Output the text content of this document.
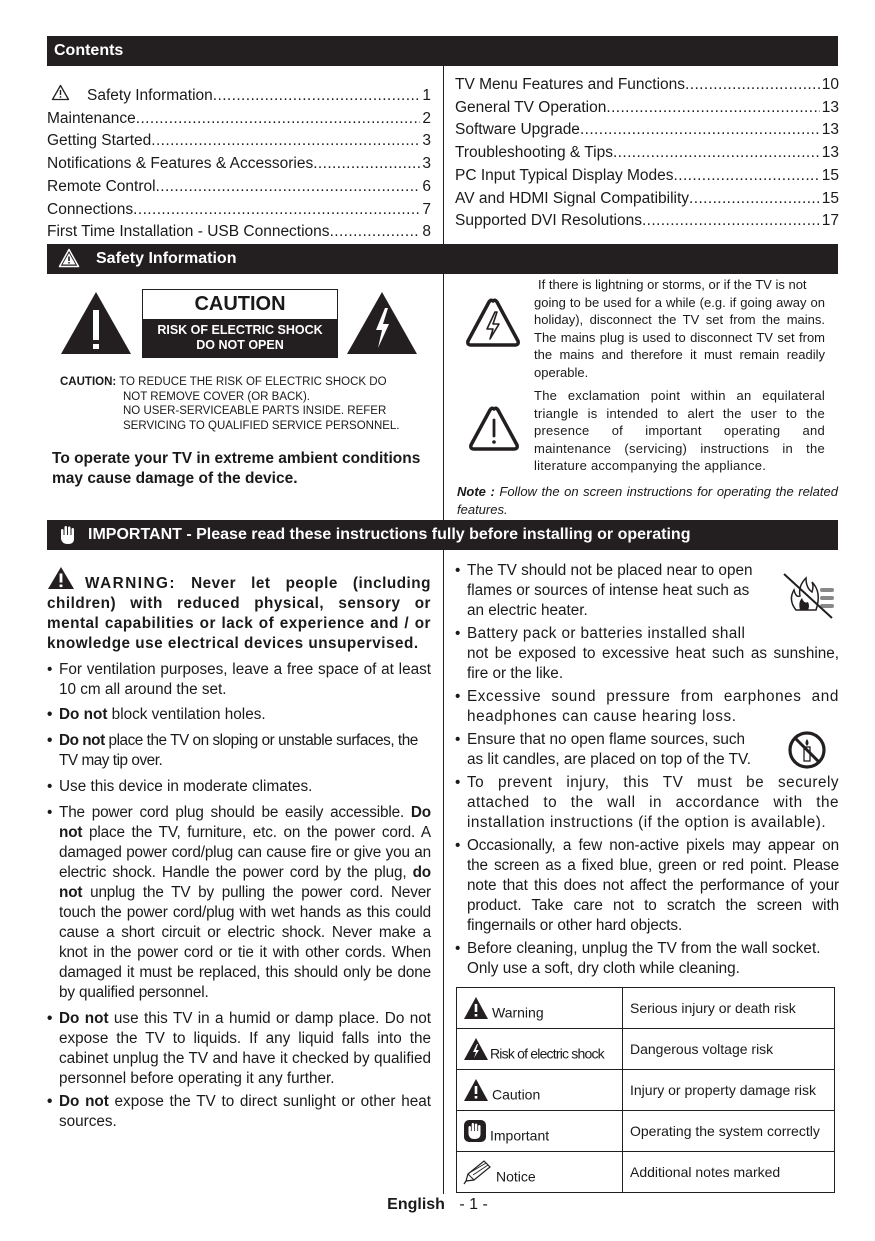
Contents
Safety Information .....	1
Maintenance .....	2
Getting Started .....	3
Notifications & Features & Accessories .....	3
Remote Control .....	6
Connections .....	7
First Time Installation - USB Connections .....	8
TV Menu Features and Functions .....	10
General TV Operation .....	13
Software Upgrade .....	13
Troubleshooting & Tips .....	13
PC Input Typical Display Modes .....	15
AV and HDMI Signal Compatibility .....	15
Supported DVI Resolutions .....	17
Safety Information
CAUTION
RISK OF ELECTRIC SHOCK
DO NOT OPEN
CAUTION: TO REDUCE THE RISK OF ELECTRIC SHOCK DO
NOT REMOVE COVER (OR BACK).
NO USER-SERVICEABLE PARTS INSIDE. REFER
SERVICING TO QUALIFIED SERVICE PERSONNEL.
To operate your TV in extreme ambient conditions
may cause damage of the device.
If there is lightning or storms, or if the TV is not
going to be used for a while (e.g. if going away on holiday), disconnect the TV set from the mains. The mains plug is used to disconnect TV set from the mains and therefore it must remain readily operable.
The exclamation point within an equilateral triangle is intended to alert the user to the presence of important operating and maintenance (servicing) instructions in the literature accompanying the appliance.
Note : Follow the on screen instructions for operating the related features.
IMPORTANT - Please read these instructions fully before installing or operating
WARNING: Never let people (including children) with reduced physical, sensory or mental capabilities or lack of experience and / or knowledge use electrical devices unsupervised.
• For ventilation purposes, leave a free space of at least 10 cm all around the set.
• Do not block ventilation holes.
• Do not place the TV on sloping or unstable surfaces, the TV may tip over.
• Use this device in moderate climates.
• The power cord plug should be easily accessible. Do not place the TV, furniture, etc. on the power cord. A damaged power cord/plug can cause fire or give you an electric shock. Handle the power cord by the plug, do not unplug the TV by pulling the power cord. Never touch the power cord/plug with wet hands as this could cause a short circuit or electric shock. Never make a knot in the power cord or tie it with other cords. When damaged it must be replaced, this should only be done by qualified personnel.
• Do not use this TV in a humid or damp place. Do not expose the TV to liquids. If any liquid falls into the cabinet unplug the TV and have it checked by qualified personnel before operating it any further.
• Do not expose the TV to direct sunlight or other heat sources.
• The TV should not be placed near to open
flames or sources of intense heat such as
an electric heater.
• Battery pack or batteries installed shall
not be exposed to excessive heat such as sunshine, fire or the like.
• Excessive sound pressure from earphones and headphones can cause hearing loss.
• Ensure that no open flame sources, such
as lit candles, are placed on top of the TV.
• To prevent injury, this TV must be securely attached to the wall in accordance with the installation instructions (if the option is available).
• Occasionally, a few non-active pixels may appear on the screen as a fixed blue, green or red point. Please note that this does not affect the performance of your product. Take care not to scratch the screen with fingernails or other hard objects.
• Before cleaning, unplug the TV from the wall socket. Only use a soft, dry cloth while cleaning.
Warning	Serious injury or death risk
Risk of electric shock	Dangerous voltage risk
Caution	Injury or property damage risk
Important	Operating the system correctly
Notice	Additional notes marked
English - 1 -
